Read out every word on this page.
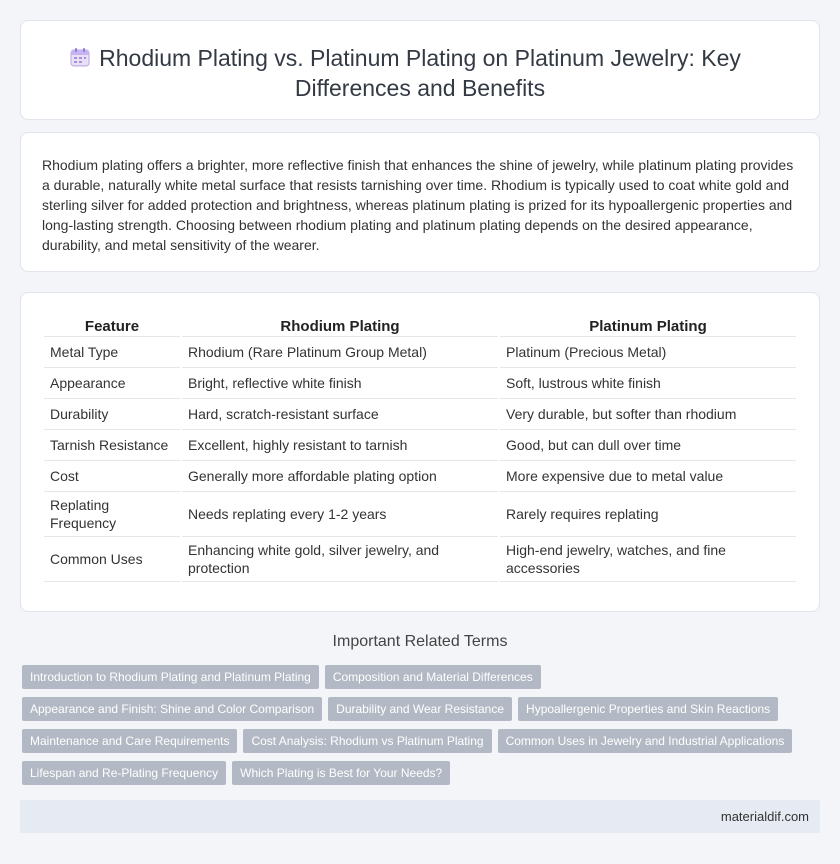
Rhodium Plating vs. Platinum Plating on Platinum Jewelry: Key Differences and Benefits

Rhodium plating offers a brighter, more reflective finish that enhances the shine of jewelry, while platinum plating provides a durable, naturally white metal surface that resists tarnishing over time. Rhodium is typically used to coat white gold and sterling silver for added protection and brightness, whereas platinum plating is prized for its hypoallergenic properties and long-lasting strength. Choosing between rhodium plating and platinum plating depends on the desired appearance, durability, and metal sensitivity of the wearer.

Feature	Rhodium Plating	Platinum Plating
Metal Type	Rhodium (Rare Platinum Group Metal)	Platinum (Precious Metal)
Appearance	Bright, reflective white finish	Soft, lustrous white finish
Durability	Hard, scratch-resistant surface	Very durable, but softer than rhodium
Tarnish Resistance	Excellent, highly resistant to tarnish	Good, but can dull over time
Cost	Generally more affordable plating option	More expensive due to metal value
Replating Frequency	Needs replating every 1-2 years	Rarely requires replating
Common Uses	Enhancing white gold, silver jewelry, and protection	High-end jewelry, watches, and fine accessories
Important Related Terms
Introduction to Rhodium Plating and Platinum Plating	Composition and Material Differences
Appearance and Finish: Shine and Color Comparison	Durability and Wear Resistance	Hypoallergenic Properties and Skin Reactions
Maintenance and Care Requirements	Cost Analysis: Rhodium vs Platinum Plating	Common Uses in Jewelry and Industrial Applications
Lifespan and Re-Plating Frequency	Which Plating is Best for Your Needs?
materialdif.com
